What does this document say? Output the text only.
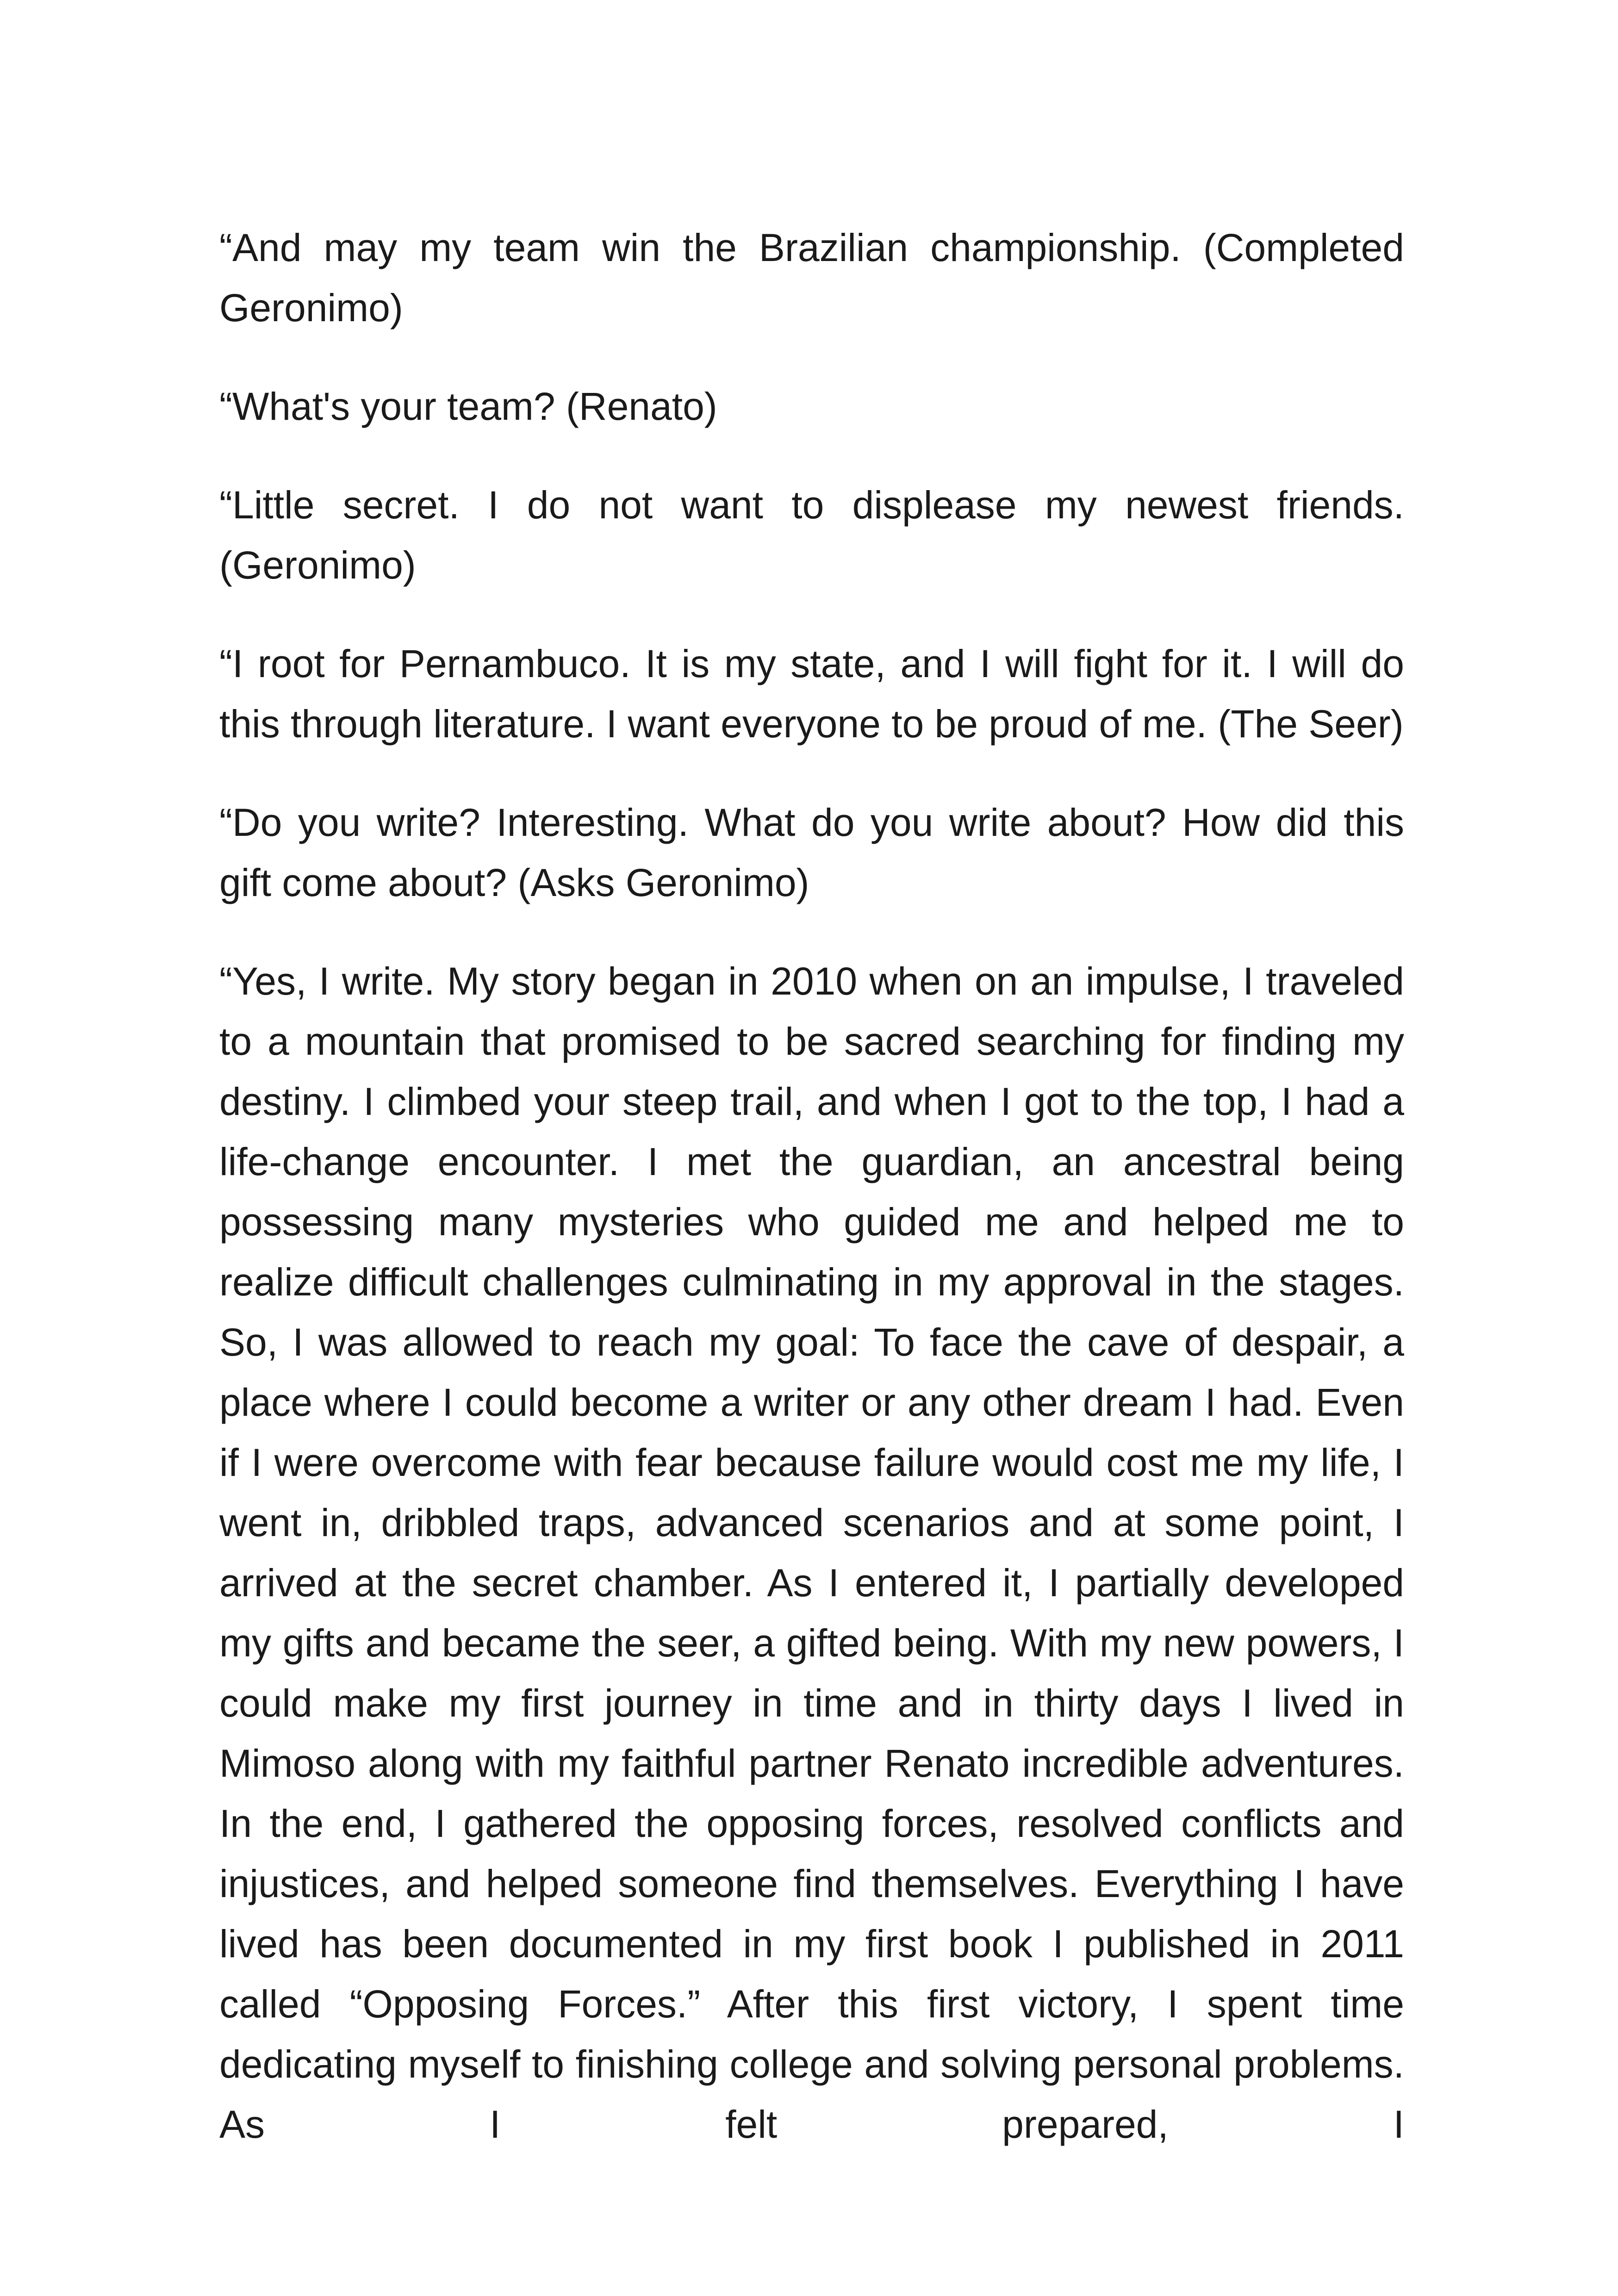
“And may my team win the Brazilian championship. (Completed Geronimo)

“What's your team? (Renato)

“Little secret. I do not want to displease my newest friends. (Geronimo)

“I root for Pernambuco. It is my state, and I will fight for it. I will do this through literature. I want everyone to be proud of me. (The Seer)

“Do you write? Interesting. What do you write about? How did this gift come about? (Asks Geronimo)

“Yes, I write. My story began in 2010 when on an impulse, I traveled to a mountain that promised to be sacred searching for finding my destiny. I climbed your steep trail, and when I got to the top, I had a life-change encounter. I met the guardian, an ancestral being possessing many mysteries who guided me and helped me to realize difficult challenges culminating in my approval in the stages. So, I was allowed to reach my goal: To face the cave of despair, a place where I could become a writer or any other dream I had. Even if I were overcome with fear because failure would cost me my life, I went in, dribbled traps, advanced scenarios and at some point, I arrived at the secret chamber. As I entered it, I partially developed my gifts and became the seer, a gifted being. With my new powers, I could make my first journey in time and in thirty days I lived in Mimoso along with my faithful partner Renato incredible adventures. In the end, I gathered the opposing forces, resolved conflicts and injustices, and helped someone find themselves. Everything I have lived has been documented in my first book I published in 2011 called “Opposing Forces.” After this first victory, I spent time dedicating myself to finishing college and solving personal problems. As I felt prepared, I
